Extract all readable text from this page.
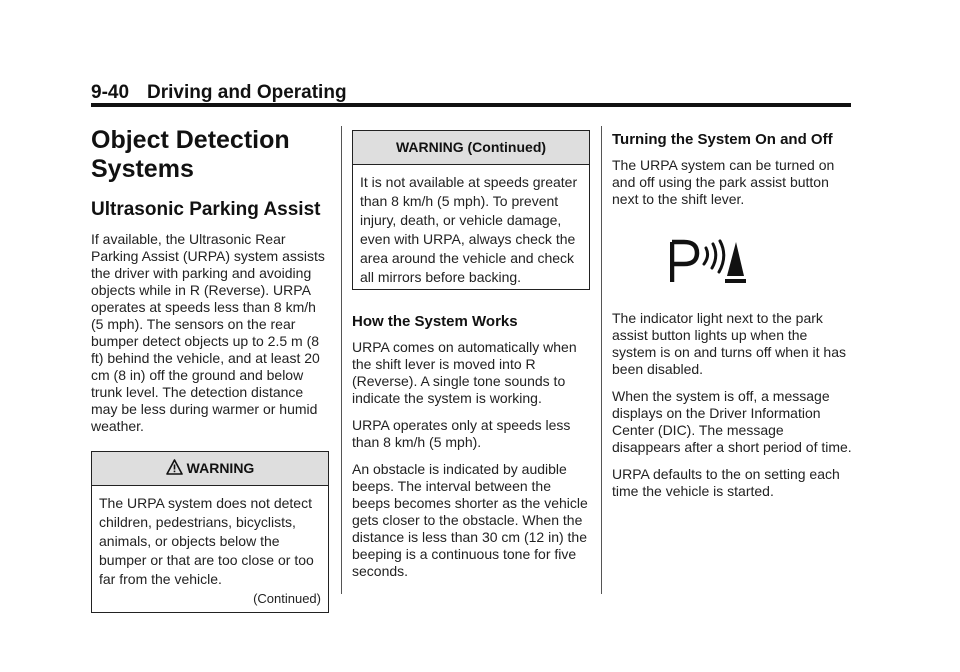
9-40 Driving and Operating
Object Detection Systems
Ultrasonic Parking Assist
If available, the Ultrasonic Rear Parking Assist (URPA) system assists the driver with parking and avoiding objects while in R (Reverse). URPA operates at speeds less than 8 km/h (5 mph). The sensors on the rear bumper detect objects up to 2.5 m (8 ft) behind the vehicle, and at least 20 cm (8 in) off the ground and below trunk level. The detection distance may be less during warmer or humid weather.
WARNING
The URPA system does not detect children, pedestrians, bicyclists, animals, or objects below the bumper or that are too close or too far from the vehicle.
(Continued)
WARNING (Continued)
It is not available at speeds greater than 8 km/h (5 mph). To prevent injury, death, or vehicle damage, even with URPA, always check the area around the vehicle and check all mirrors before backing.
How the System Works
URPA comes on automatically when the shift lever is moved into R (Reverse). A single tone sounds to indicate the system is working.
URPA operates only at speeds less than 8 km/h (5 mph).
An obstacle is indicated by audible beeps. The interval between the beeps becomes shorter as the vehicle gets closer to the obstacle. When the distance is less than 30 cm (12 in) the beeping is a continuous tone for five seconds.
Turning the System On and Off
The URPA system can be turned on and off using the park assist button next to the shift lever.
The indicator light next to the park assist button lights up when the system is on and turns off when it has been disabled.
When the system is off, a message displays on the Driver Information Center (DIC). The message disappears after a short period of time.
URPA defaults to the on setting each time the vehicle is started.
